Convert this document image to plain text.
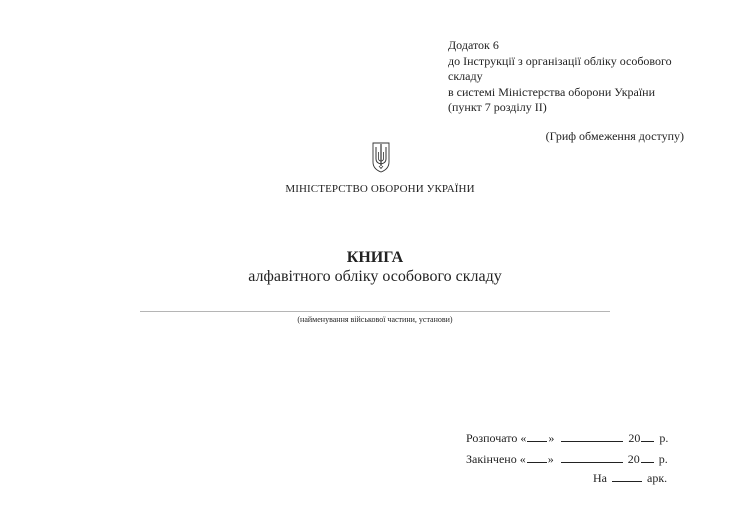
Додаток 6
до Інструкції з організації обліку особового
складу
в системі Міністерства оборони України
(пункт 7 розділу ІІ)
(Гриф обмеження доступу)
МІНІСТЕРСТВО ОБОРОНИ УКРАЇНИ
КНИГА
алфавітного обліку особового складу
(найменування військової частини, установи)
Розпочато « »	20 р.
Закінчено « »	20 р.
На	арк.
